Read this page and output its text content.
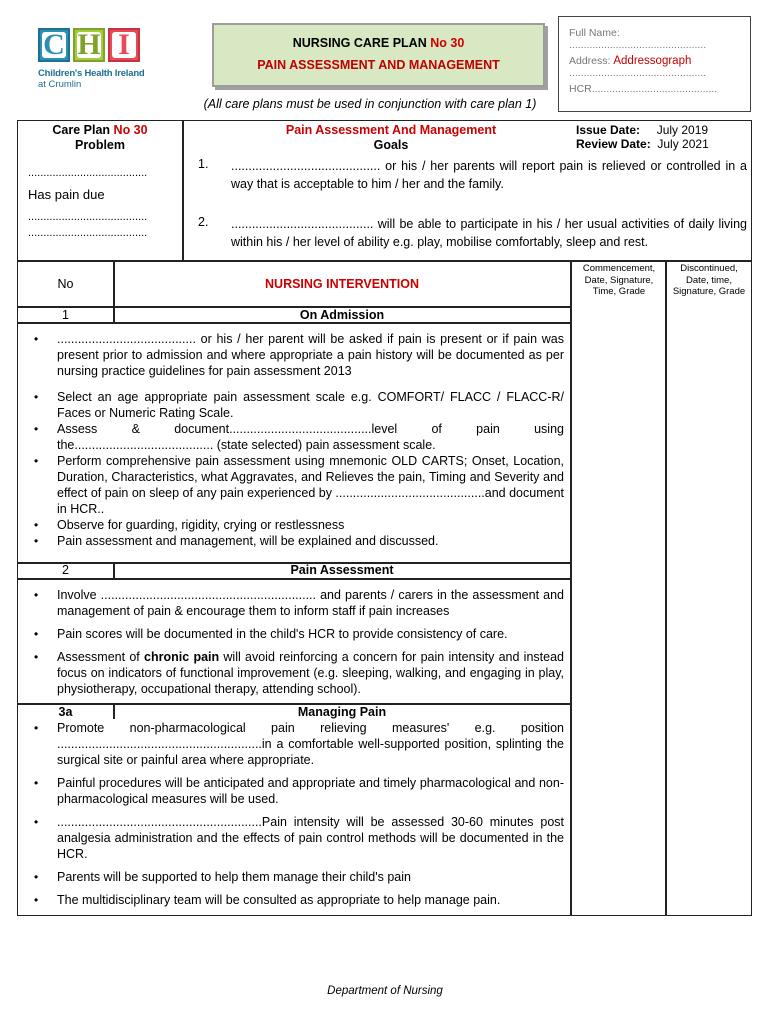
C H I
Children's Health Ireland
at Crumlin
NURSING CARE PLAN No 30
PAIN ASSESSMENT AND MANAGEMENT
(All care plans must be used in conjunction with care plan 1)
Full Name:
...............................................
Address: Addressograph
...............................................
HCR...........................................
Care Plan No 30
Problem
.......................................
Has pain due
.......................................
.......................................
Pain Assessment And Management
Goals
Issue Date: July 2019
Review Date: July 2021
1.	........................................... or his / her parents will report pain is relieved or controlled in a way that is acceptable to him / her and the family.
2.	......................................... will be able to participate in his / her usual activities of daily living within his / her level of ability e.g. play, mobilise comfortably, sleep and rest.
No	NURSING INTERVENTION
Commencement, Date, Signature, Time, Grade
Discontinued, Date, time, Signature, Grade
1	On Admission
• ........................................ or his / her parent will be asked if pain is present or if pain was present prior to admission and where appropriate a pain history will be documented as per nursing practice guidelines for pain assessment 2013
• Select an age appropriate pain assessment scale e.g. COMFORT/ FLACC / FLACC-R/ Faces or Numeric Rating Scale.
• Assess & document.........................................level of pain using the........................................ (state selected) pain assessment scale.
• Perform comprehensive pain assessment using mnemonic OLD CARTS; Onset, Location, Duration, Characteristics, what Aggravates, and Relieves the pain, Timing and Severity and effect of pain on sleep of any pain experienced by ...........................................and document in HCR..
• Observe for guarding, rigidity, crying or restlessness
• Pain assessment and management, will be explained and discussed.
2	Pain Assessment
• Involve .............................................................. and parents / carers in the assessment and management of pain & encourage them to inform staff if pain increases
• Pain scores will be documented in the child's HCR to provide consistency of care.
• Assessment of chronic pain will avoid reinforcing a concern for pain intensity and instead focus on indicators of functional improvement (e.g. sleeping, walking, and engaging in play, physiotherapy, occupational therapy, attending school).
3a	Managing Pain
• Promote non-pharmacological pain relieving measures' e.g. position ...........................................................in a comfortable well-supported position, splinting the surgical site or painful area where appropriate.
• Painful procedures will be anticipated and appropriate and timely pharmacological and non-pharmacological measures will be used.
• ...........................................................Pain intensity will be assessed 30-60 minutes post analgesia administration and the effects of pain control methods will be documented in the HCR.
• Parents will be supported to help them manage their child's pain
• The multidisciplinary team will be consulted as appropriate to help manage pain.
Department of Nursing
